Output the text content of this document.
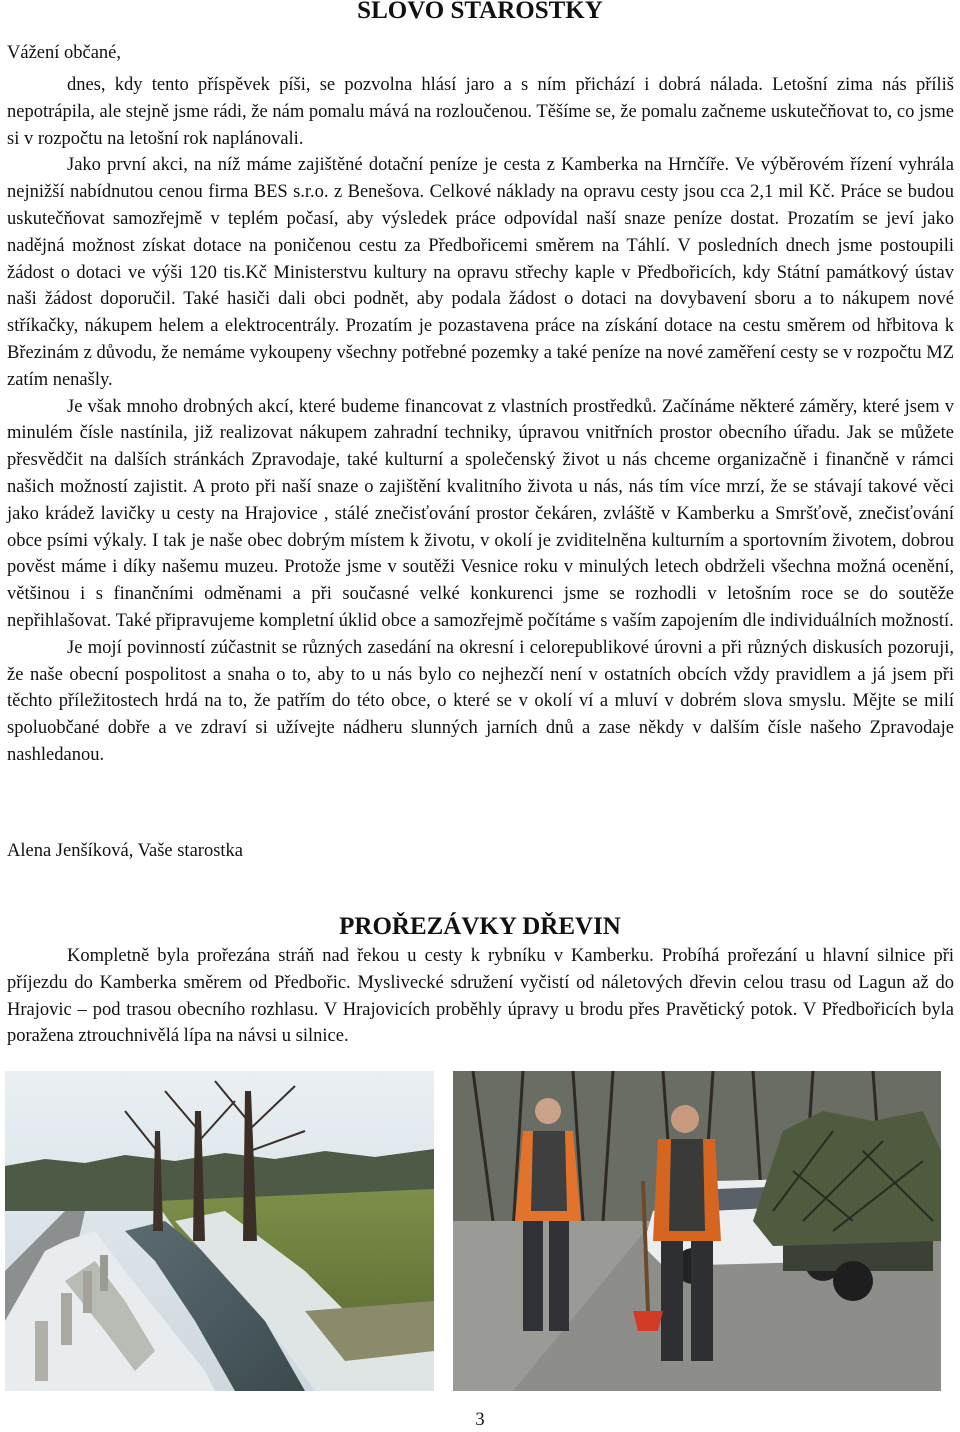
SLOVO STAROSTKY
Vážení občané,

dnes, kdy tento příspěvek píši, se pozvolna hlásí jaro a s ním přichází i dobrá nálada. Letošní zima nás příliš nepotrápila, ale stejně jsme rádi, že nám pomalu mává na rozloučenou. Těšíme se, že pomalu začneme uskutečňovat to, co jsme si v rozpočtu na letošní rok naplánovali.

Jako první akci, na níž máme zajištěné dotační peníze je cesta z Kamberka na Hrnčíře. Ve výběrovém řízení vyhrála nejnižší nabídnutou cenou firma BES s.r.o. z Benešova. Celkové náklady na opravu cesty jsou cca 2,1 mil Kč. Práce se budou uskutečňovat samozřejmě v teplém počasí, aby výsledek práce odpovídal naší snaze peníze dostat. Prozatím se jeví jako nadějná možnost získat dotace na poničenou cestu za Předbořicemi směrem na Táhlí. V posledních dnech jsme postoupili žádost o dotaci ve výši 120 tis.Kč Ministerstvu kultury na opravu střechy kaple v Předbořicích, kdy Státní památkový ústav naši žádost doporučil. Také hasiči dali obci podnět, aby podala žádost o dotaci na dovybavení sboru a to nákupem nové stříkačky, nákupem helem a elektrocentrály. Prozatím je pozastavena práce na získání dotace na cestu směrem od hřbitova k Březinám z důvodu, že nemáme vykoupeny všechny potřebné pozemky a také peníze na nové zaměření cesty se v rozpočtu MZ zatím nenašly.

Je však mnoho drobných akcí, které budeme financovat z vlastních prostředků. Začínáme některé záměry, které jsem v minulém čísle nastínila, již realizovat nákupem zahradní techniky, úpravou vnitřních prostor obecního úřadu. Jak se můžete přesvědčit na dalších stránkách Zpravodaje, také kulturní a společenský život u nás chceme organizačně i finančně v rámci našich možností zajistit. A proto při naší snaze o zajištění kvalitního života u nás, nás tím více mrzí, že se stávají takové věci jako krádež lavičky u cesty na Hrajovice , stálé znečisťování prostor čekáren, zvláště v Kamberku a Smršťově, znečisťování obce psími výkaly. I tak je naše obec dobrým místem k životu, v okolí je zviditelněna kulturním a sportovním životem, dobrou pověst máme i díky našemu muzeu. Protože jsme v soutěži Vesnice roku v minulých letech obdrželi všechna možná ocenění, většinou i s finančními odměnami a při současné velké konkurenci jsme se rozhodli v letošním roce se do soutěže nepřihlašovat. Také připravujeme kompletní úklid obce a samozřejmě počítáme s vaším zapojením dle individuálních možností.

Je mojí povinností zúčastnit se různých zasedání na okresní i celorepublikové úrovni a při různých diskusích pozoruji, že naše obecní pospolitost a snaha o to, aby to u nás bylo co nejhezčí není v ostatních obcích vždy pravidlem a já jsem při těchto příležitostech hrdá na to, že patřím do této obce, o které se v okolí ví a mluví v dobrém slova smyslu. Mějte se milí spoluobčané dobře a ve zdraví si užívejte nádheru slunných jarních dnů a zase někdy v dalším čísle našeho Zpravodaje nashledanou.

Alena Jenšíková, Vaše starostka
PROŘEZÁVKY DŘEVIN

Kompletně byla prořezána stráň nad řekou u cesty k rybníku v Kamberku. Probíhá prořezání u hlavní silnice při příjezdu do Kamberka směrem od Předbořic. Myslivecké sdružení vyčistí od náletových dřevin celou trasu od Lagun až do Hrajovic – pod trasou obecního rozhlasu. V Hrajovicích proběhly úpravy u brodu přes Pravětický potok. V Předbořicích byla poražena ztrouchnivělá lípa na návsi u silnice.

3
